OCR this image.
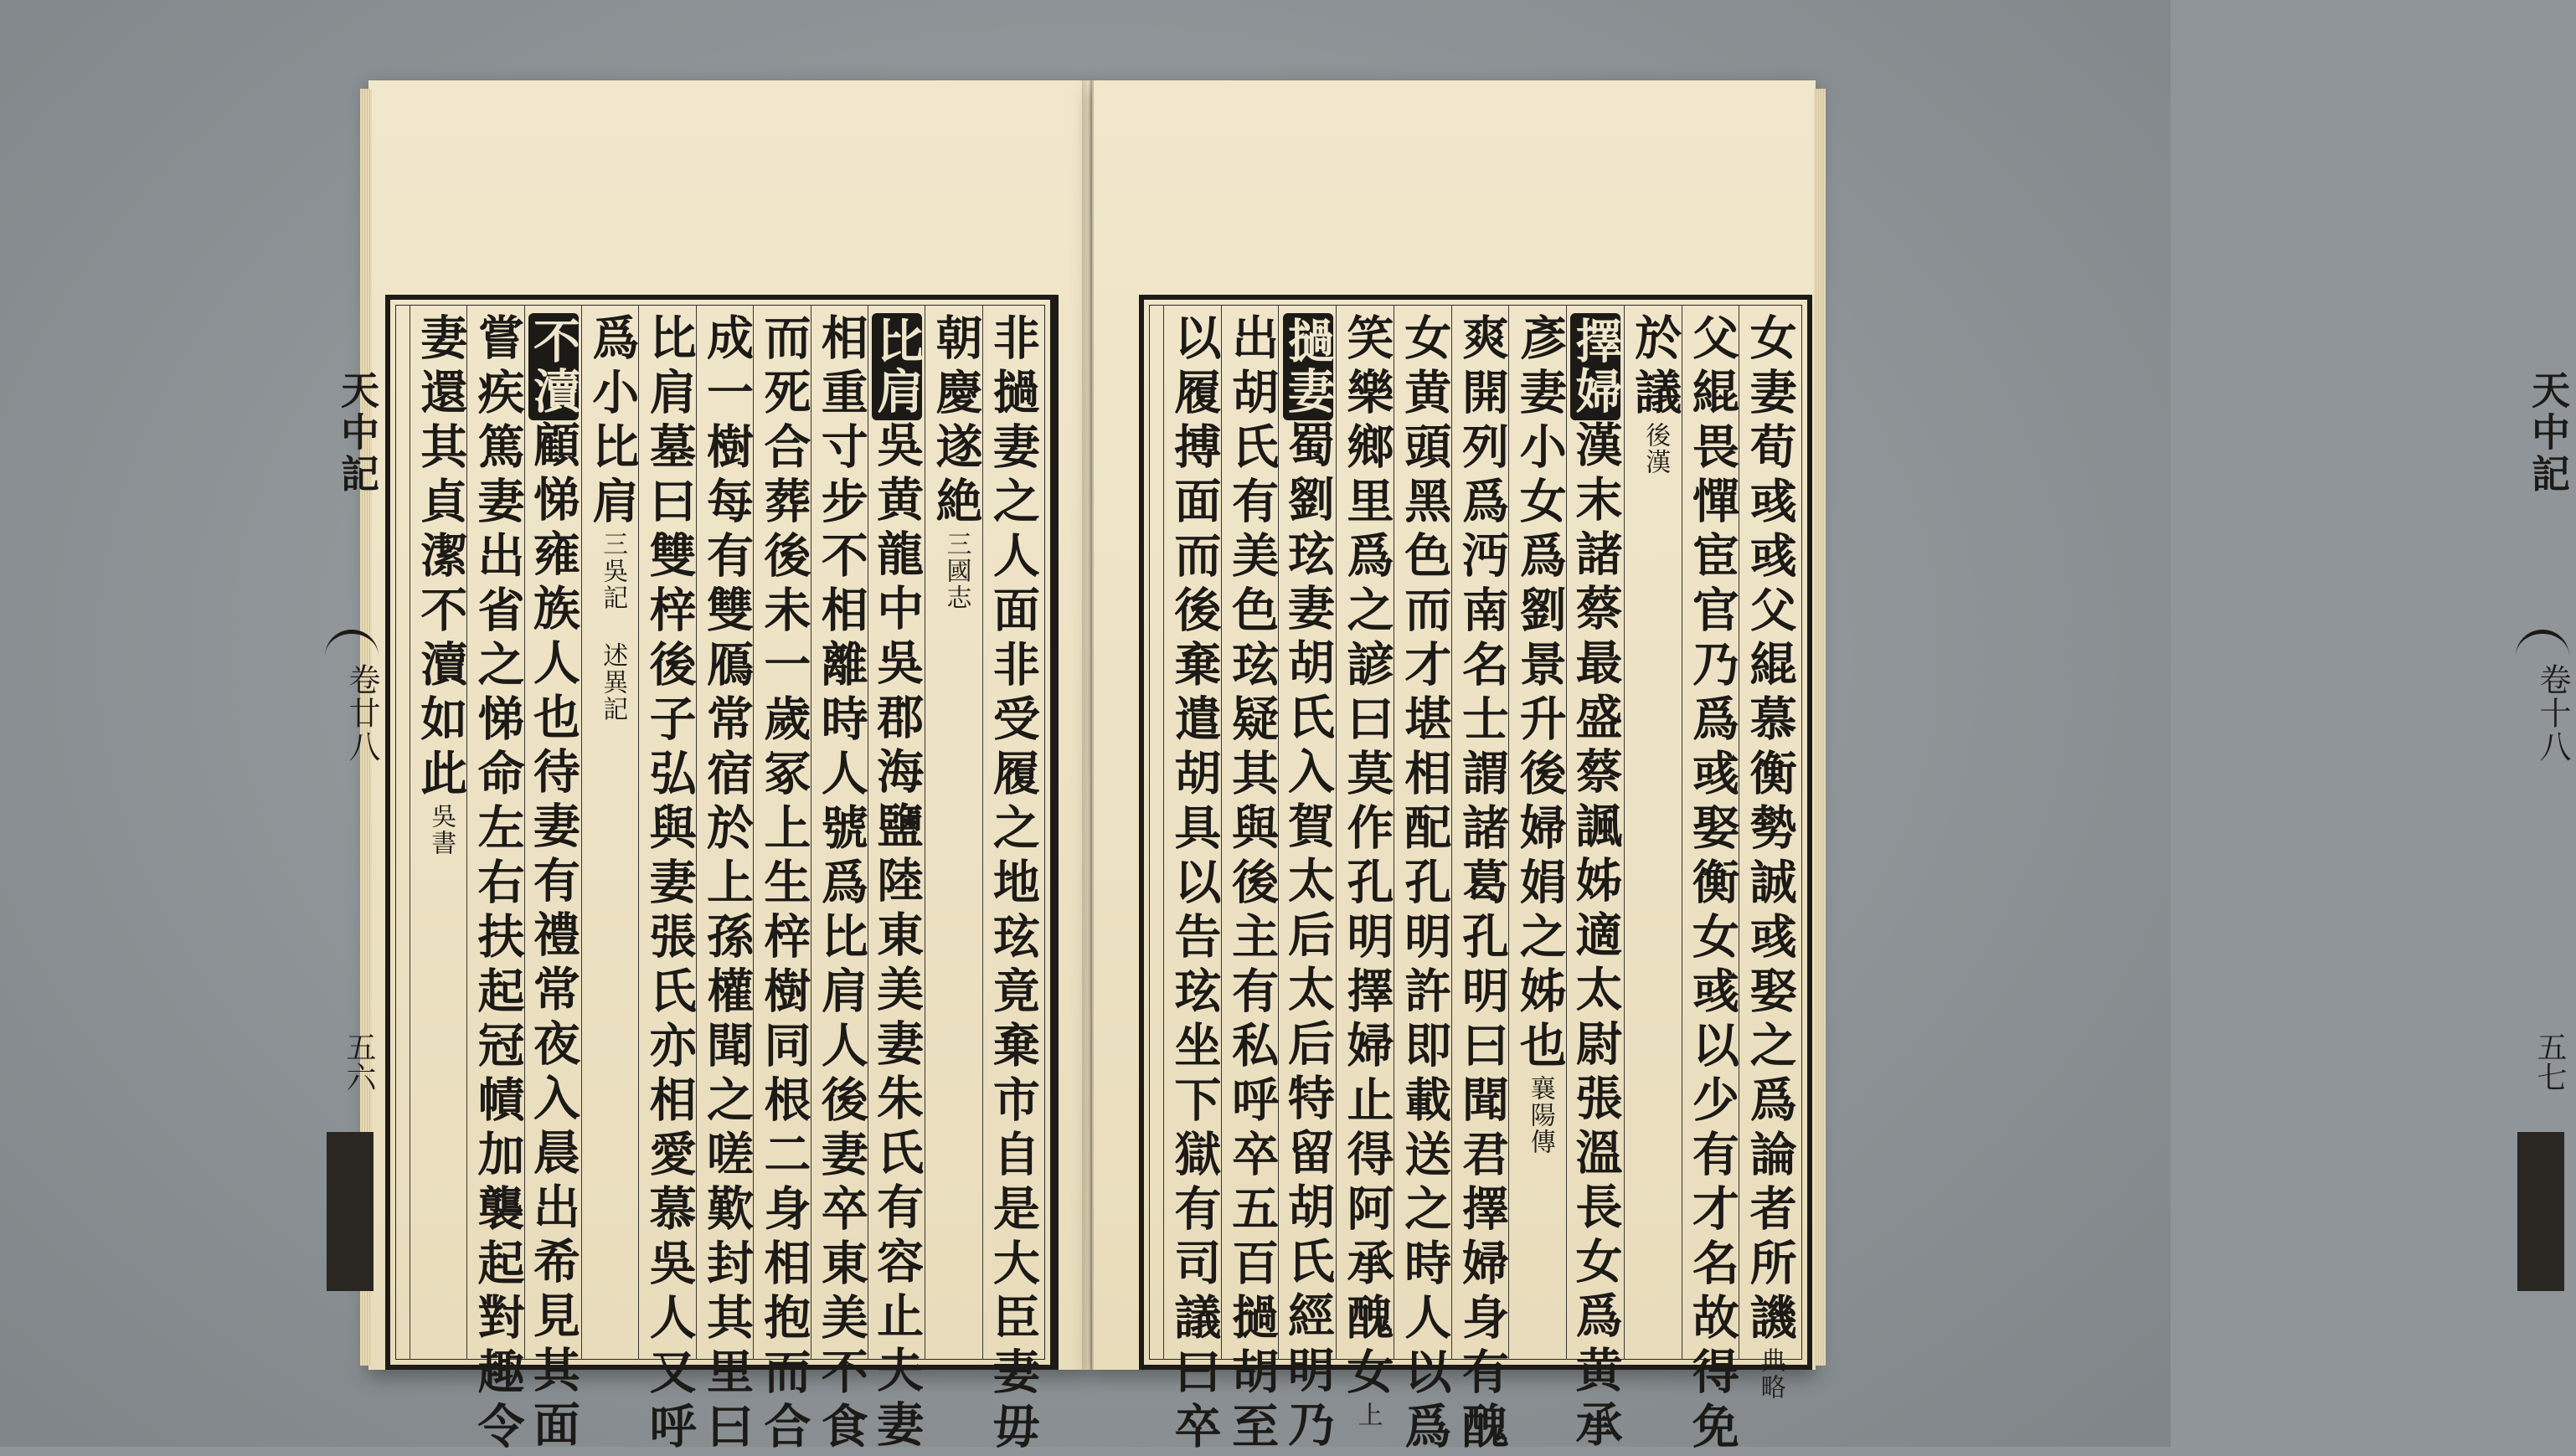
天中記
卷廿八
五六	非撾妻之人面非受履之地玹竟棄市自是大臣妻毋
朝慶遂絶三國志
比肩吳黄龍中吳郡海鹽陸東美妻朱氏有容止夫妻
相重寸步不相離時人號爲比肩人後妻卒東美不食
而死合葬後未一歲冢上生梓樹同根二身相抱而合
成一樹每有雙鴈常宿於上孫權聞之嗟歎封其里曰
比肩墓曰雙梓後子弘與妻張氏亦相愛慕吳人又呼
爲小比肩三吳記 述異記
不瀆顧悌雍族人也待妻有禮常夜入晨出希見其面
嘗疾篤妻出省之悌命左右扶起冠幘加襲起對趣令
妻還其貞潔不瀆如此吳書
天中記
卷十八
五七
女妻荀彧彧父緄慕衡勢誠彧娶之爲論者所譏典略
父緄畏憚宦官乃爲彧娶衡女彧以少有才名故得免
於議後漢
擇婦漢末諸蔡最盛蔡諷姊適太尉張溫長女爲黄承
彥妻小女爲劉景升後婦娟之姊也襄陽傳
爽開列爲沔南名士謂諸葛孔明曰聞君擇婦身有醜
女黄頭黑色而才堪相配孔明許即載送之時人以爲
笑樂鄉里爲之諺曰莫作孔明擇婦止得阿承醜女上
撾妻蜀劉玹妻胡氏入賀太后太后特留胡氏經明乃
出胡氏有美色玹疑其與後主有私呼卒五百撾胡至
以履搏面而後棄遣胡具以告玹坐下獄有司議曰卒
